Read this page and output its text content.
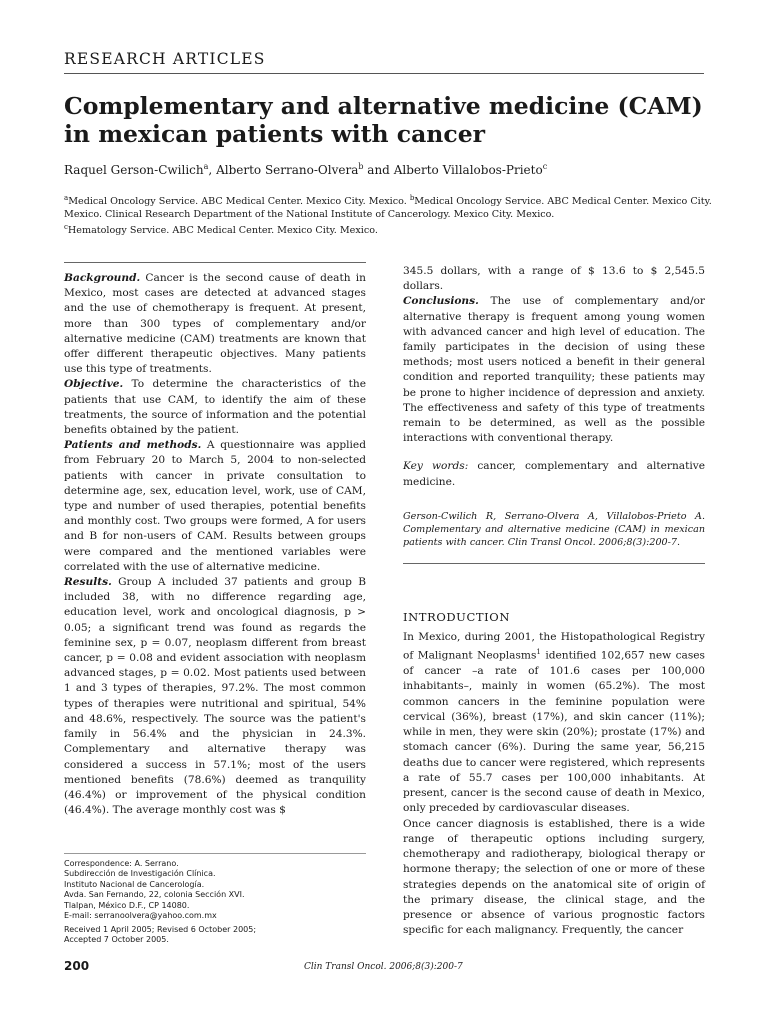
RESEARCH ARTICLES
Complementary and alternative medicine (CAM) in mexican patients with cancer
Raquel Gerson-Cwilich$^a$, Alberto Serrano-Olvera$^b$ and Alberto Villalobos-Prieto$^c$
$^a$Medical Oncology Service. ABC Medical Center. Mexico City. Mexico. $^b$Medical Oncology Service. ABC Medical Center. Mexico City. Mexico. Clinical Research Department of the National Institute of Cancerology. Mexico City. Mexico.
$^c$Hematology Service. ABC Medical Center. Mexico City. Mexico.

Background. Cancer is the second cause of death in Mexico, most cases are detected at advanced stages and the use of chemotherapy is frequent. At present, more than 300 types of complementary and/or alternative medicine (CAM) treatments are known that offer different therapeutic objectives. Many patients use this type of treatments.

Objective. To determine the characteristics of the patients that use CAM, to identify the aim of these treatments, the source of information and the potential benefits obtained by the patient.

Patients and methods. A questionnaire was applied from February 20 to March 5, 2004 to non-selected patients with cancer in private consultation to determine age, sex, education level, work, use of CAM, type and number of used therapies, potential benefits and monthly cost. Two groups were formed, A for users and B for non-users of CAM. Results between groups were compared and the mentioned variables were correlated with the use of alternative medicine.

Results. Group A included 37 patients and group B included 38, with no difference regarding age, education level, work and oncological diagnosis, p > 0.05; a significant trend was found as regards the feminine sex, p = 0.07, neoplasm different from breast cancer, p = 0.08 and evident association with neoplasm advanced stages, p = 0.02. Most patients used between 1 and 3 types of therapies, 97.2%. The most common types of therapies were nutritional and spiritual, 54% and 48.6%, respectively. The source was the patient's family in 56.4% and the physician in 24.3%. Complementary and alternative therapy was considered a success in 57.1%; most of the users mentioned benefits (78.6%) deemed as tranquility (46.4%) or improvement of the physical condition (46.4%). The average monthly cost was $

345.5 dollars, with a range of $ 13.6 to $ 2,545.5 dollars.

Conclusions. The use of complementary and/or alternative therapy is frequent among young women with advanced cancer and high level of education. The family participates in the decision of using these methods; most users noticed a benefit in their general condition and reported tranquility; these patients may be prone to higher incidence of depression and anxiety. The effectiveness and safety of this type of treatments remain to be determined, as well as the possible interactions with conventional therapy.

Key words: cancer, complementary and alternative medicine.

Gerson-Cwilich R, Serrano-Olvera A, Villalobos-Prieto A. Complementary and alternative medicine (CAM) in mexican patients with cancer. Clin Transl Oncol. 2006;8(3):200-7.

INTRODUCTION

In Mexico, during 2001, the Histopathological Registry of Malignant Neoplasms$^1$ identified 102,657 new cases of cancer –a rate of 101.6 cases per 100,000 inhabitants–, mainly in women (65.2%). The most common cancers in the feminine population were cervical (36%), breast (17%), and skin cancer (11%); while in men, they were skin (20%); prostate (17%) and stomach cancer (6%). During the same year, 56,215 deaths due to cancer were registered, which represents a rate of 55.7 cases per 100,000 inhabitants. At present, cancer is the second cause of death in Mexico, only preceded by cardiovascular diseases.

Once cancer diagnosis is established, there is a wide range of therapeutic options including surgery, chemotherapy and radiotherapy, biological therapy or hormone therapy; the selection of one or more of these strategies depends on the anatomical site of origin of the primary disease, the clinical stage, and the presence or absence of various prognostic factors specific for each malignancy. Frequently, the cancer

Correspondence: A. Serrano.
Subdirección de Investigación Clínica.
Instituto Nacional de Cancerología.
Avda. San Fernando, 22, colonia Sección XVI.
Tlalpan, México D.F., CP 14080.
E-mail: serranoolvera@yahoo.com.mx
Received 1 April 2005; Revised 6 October 2005;
Accepted 7 October 2005.
200	Clin Transl Oncol. 2006;8(3):200-7
